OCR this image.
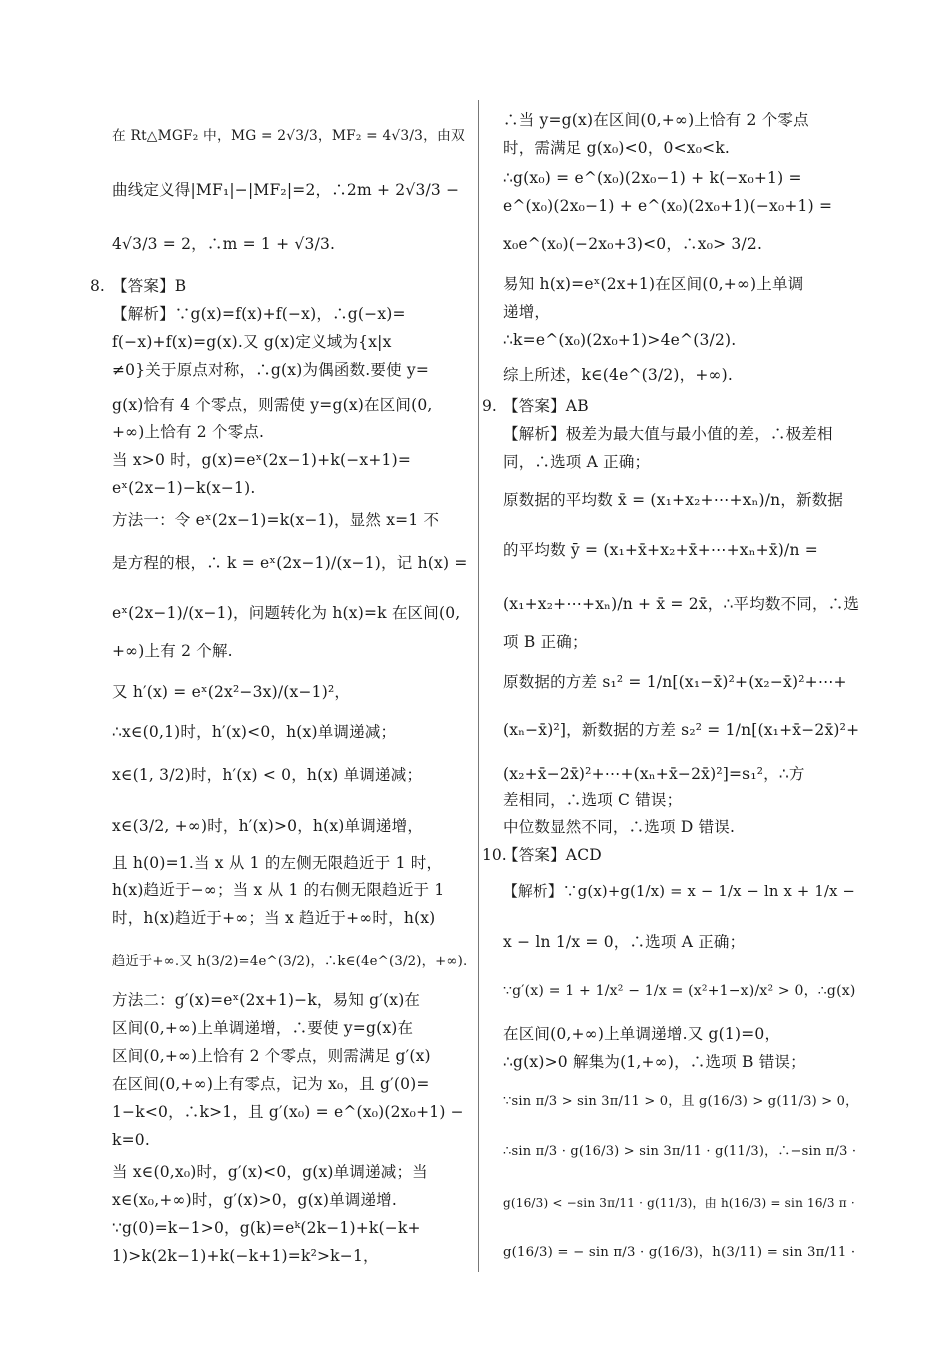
8.
9.
10.
在 Rt△MGF₂ 中，MG = 2√3/3，MF₂ = 4√3/3，由双
曲线定义得|MF₁|−|MF₂|=2，∴2m + 2√3/3 −
4√3/3 = 2，∴m = 1 + √3/3.
【答案】B
【解析】∵g(x)=f(x)+f(−x)，∴g(−x)=
f(−x)+f(x)=g(x).又 g(x)定义域为{x|x
≠0}关于原点对称，∴g(x)为偶函数.要使 y=
g(x)恰有 4 个零点，则需使 y=g(x)在区间(0,
+∞)上恰有 2 个零点.
当 x>0 时，g(x)=eˣ(2x−1)+k(−x+1)=
eˣ(2x−1)−k(x−1).
方法一：令 eˣ(2x−1)=k(x−1)，显然 x=1 不
是方程的根，∴ k = eˣ(2x−1)/(x−1)，记 h(x) =
eˣ(2x−1)/(x−1)，问题转化为 h(x)=k 在区间(0,
+∞)上有 2 个解.
又 h′(x) = eˣ(2x²−3x)/(x−1)²，
∴x∈(0,1)时，h′(x)<0，h(x)单调递减；
x∈(1, 3/2)时，h′(x) < 0，h(x) 单调递减；
x∈(3/2, +∞)时，h′(x)>0，h(x)单调递增，
且 h(0)=1.当 x 从 1 的左侧无限趋近于 1 时，
h(x)趋近于−∞；当 x 从 1 的右侧无限趋近于 1
时，h(x)趋近于+∞；当 x 趋近于+∞时，h(x)
趋近于+∞.又 h(3/2)=4e^(3/2)，∴k∈(4e^(3/2)，+∞).
方法二：g′(x)=eˣ(2x+1)−k，易知 g′(x)在
区间(0,+∞)上单调递增，∴要使 y=g(x)在
区间(0,+∞)上恰有 2 个零点，则需满足 g′(x)
在区间(0,+∞)上有零点，记为 x₀，且 g′(0)=
1−k<0，∴k>1，且 g′(x₀) = e^(x₀)(2x₀+1) −
k=0.
当 x∈(0,x₀)时，g′(x)<0，g(x)单调递减；当
x∈(x₀,+∞)时，g′(x)>0，g(x)单调递增.
∵g(0)=k−1>0，g(k)=eᵏ(2k−1)+k(−k+
1)>k(2k−1)+k(−k+1)=k²>k−1，
∴当 y=g(x)在区间(0,+∞)上恰有 2 个零点
时，需满足 g(x₀)<0，0<x₀<k.
∴g(x₀) = e^(x₀)(2x₀−1) + k(−x₀+1) =
e^(x₀)(2x₀−1) + e^(x₀)(2x₀+1)(−x₀+1) =
x₀e^(x₀)(−2x₀+3)<0，∴x₀> 3/2.
易知 h(x)=eˣ(2x+1)在区间(0,+∞)上单调
递增，
∴k=e^(x₀)(2x₀+1)>4e^(3/2).
综上所述，k∈(4e^(3/2)，+∞).
【答案】AB
【解析】极差为最大值与最小值的差，∴极差相
同，∴选项 A 正确；
原数据的平均数 x̄ = (x₁+x₂+⋯+xₙ)/n，新数据
的平均数 ȳ = (x₁+x̄+x₂+x̄+⋯+xₙ+x̄)/n =
(x₁+x₂+⋯+xₙ)/n + x̄ = 2x̄，∴平均数不同，∴选
项 B 正确；
原数据的方差 s₁² = 1/n[(x₁−x̄)²+(x₂−x̄)²+⋯+
(xₙ−x̄)²]，新数据的方差 s₂² = 1/n[(x₁+x̄−2x̄)²+
(x₂+x̄−2x̄)²+⋯+(xₙ+x̄−2x̄)²]=s₁²，∴方
差相同，∴选项 C 错误；
中位数显然不同，∴选项 D 错误.
【答案】ACD
【解析】∵g(x)+g(1/x) = x − 1/x − ln x + 1/x −
x − ln 1/x = 0，∴选项 A 正确；
∵g′(x) = 1 + 1/x² − 1/x = (x²+1−x)/x² > 0，∴g(x)
在区间(0,+∞)上单调递增.又 g(1)=0，
∴g(x)>0 解集为(1,+∞)，∴选项 B 错误；
∵sin π/3 > sin 3π/11 > 0，且 g(16/3) > g(11/3) > 0，
∴sin π/3 · g(16/3) > sin 3π/11 · g(11/3)，∴−sin π/3 ·
g(16/3) < −sin 3π/11 · g(11/3)，由 h(16/3) = sin 16/3 π ·
g(16/3) = − sin π/3 · g(16/3)，h(3/11) = sin 3π/11 ·
